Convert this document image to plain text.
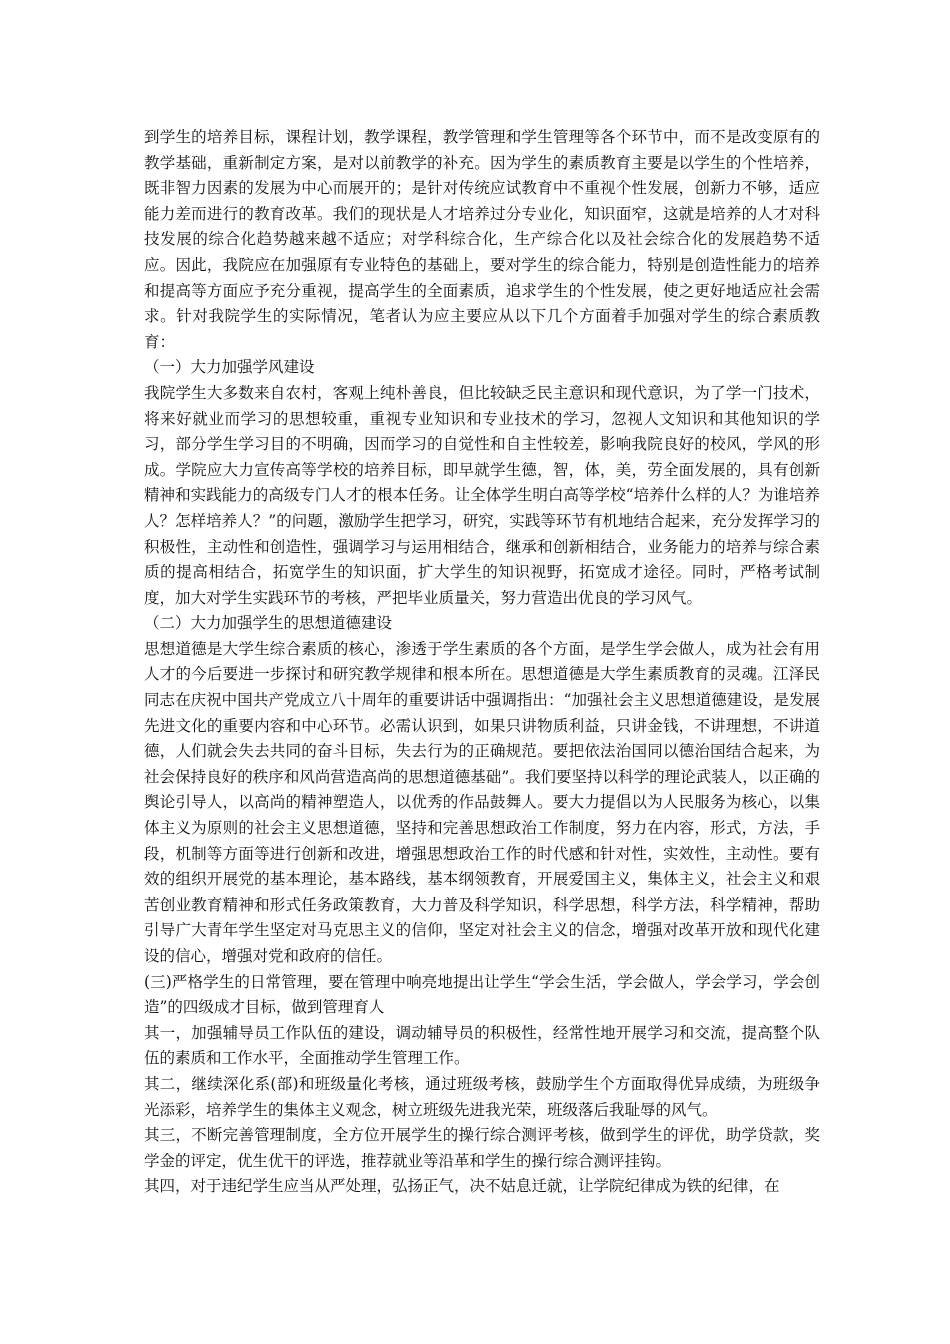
到学生的培养目标，课程计划，教学课程，教学管理和学生管理等各个环节中，而不是改变原有的教学基础，重新制定方案，是对以前教学的补充。因为学生的素质教育主要是以学生的个性培养，既非智力因素的发展为中心而展开的；是针对传统应试教育中不重视个性发展，创新力不够，适应能力差而进行的教育改革。我们的现状是人才培养过分专业化，知识面窄，这就是培养的人才对科技发展的综合化趋势越来越不适应；对学科综合化，生产综合化以及社会综合化的发展趋势不适应。因此，我院应在加强原有专业特色的基础上，要对学生的综合能力，特别是创造性能力的培养和提高等方面应予充分重视，提高学生的全面素质，追求学生的个性发展，使之更好地适应社会需求。针对我院学生的实际情况，笔者认为应主要应从以下几个方面着手加强对学生的综合素质教育：

（一）大力加强学风建设

我院学生大多数来自农村，客观上纯朴善良，但比较缺乏民主意识和现代意识，为了学一门技术，将来好就业而学习的思想较重，重视专业知识和专业技术的学习，忽视人文知识和其他知识的学习，部分学生学习目的不明确，因而学习的自觉性和自主性较差，影响我院良好的校风，学风的形成。学院应大力宣传高等学校的培养目标，即早就学生德，智，体，美，劳全面发展的，具有创新精神和实践能力的高级专门人才的根本任务。让全体学生明白高等学校“培养什么样的人？为谁培养人？怎样培养人？”的问题，激励学生把学习，研究，实践等环节有机地结合起来，充分发挥学习的积极性，主动性和创造性，强调学习与运用相结合，继承和创新相结合，业务能力的培养与综合素质的提高相结合，拓宽学生的知识面，扩大学生的知识视野，拓宽成才途径。同时，严格考试制度，加大对学生实践环节的考核，严把毕业质量关，努力营造出优良的学习风气。

（二）大力加强学生的思想道德建设

思想道德是大学生综合素质的核心，渗透于学生素质的各个方面，是学生学会做人，成为社会有用人才的今后要进一步探讨和研究教学规律和根本所在。思想道德是大学生素质教育的灵魂。江泽民同志在庆祝中国共产党成立八十周年的重要讲话中强调指出：“加强社会主义思想道德建设，是发展先进文化的重要内容和中心环节。必需认识到，如果只讲物质利益，只讲金钱，不讲理想，不讲道德，人们就会失去共同的奋斗目标，失去行为的正确规范。要把依法治国同以德治国结合起来，为社会保持良好的秩序和风尚营造高尚的思想道德基础”。我们要坚持以科学的理论武装人，以正确的舆论引导人，以高尚的精神塑造人，以优秀的作品鼓舞人。要大力提倡以为人民服务为核心，以集体主义为原则的社会主义思想道德，坚持和完善思想政治工作制度，努力在内容，形式，方法，手段，机制等方面等进行创新和改进，增强思想政治工作的时代感和针对性，实效性，主动性。要有效的组织开展党的基本理论，基本路线，基本纲领教育，开展爱国主义，集体主义，社会主义和艰苦创业教育精神和形式任务政策教育，大力普及科学知识，科学思想，科学方法，科学精神，帮助引导广大青年学生坚定对马克思主义的信仰，坚定对社会主义的信念，增强对改革开放和现代化建设的信心，增强对党和政府的信任。

(三)严格学生的日常管理，要在管理中响亮地提出让学生“学会生活，学会做人，学会学习，学会创造”的四级成才目标，做到管理育人

其一，加强辅导员工作队伍的建设，调动辅导员的积极性，经常性地开展学习和交流，提高整个队伍的素质和工作水平，全面推动学生管理工作。

其二，继续深化系(部)和班级量化考核，通过班级考核，鼓励学生个方面取得优异成绩，为班级争光添彩，培养学生的集体主义观念，树立班级先进我光荣，班级落后我耻辱的风气。

其三，不断完善管理制度，全方位开展学生的操行综合测评考核，做到学生的评优，助学贷款，奖学金的评定，优生优干的评选，推荐就业等沿革和学生的操行综合测评挂钩。

其四，对于违纪学生应当从严处理，弘扬正气，决不姑息迁就，让学院纪律成为铁的纪律，在
